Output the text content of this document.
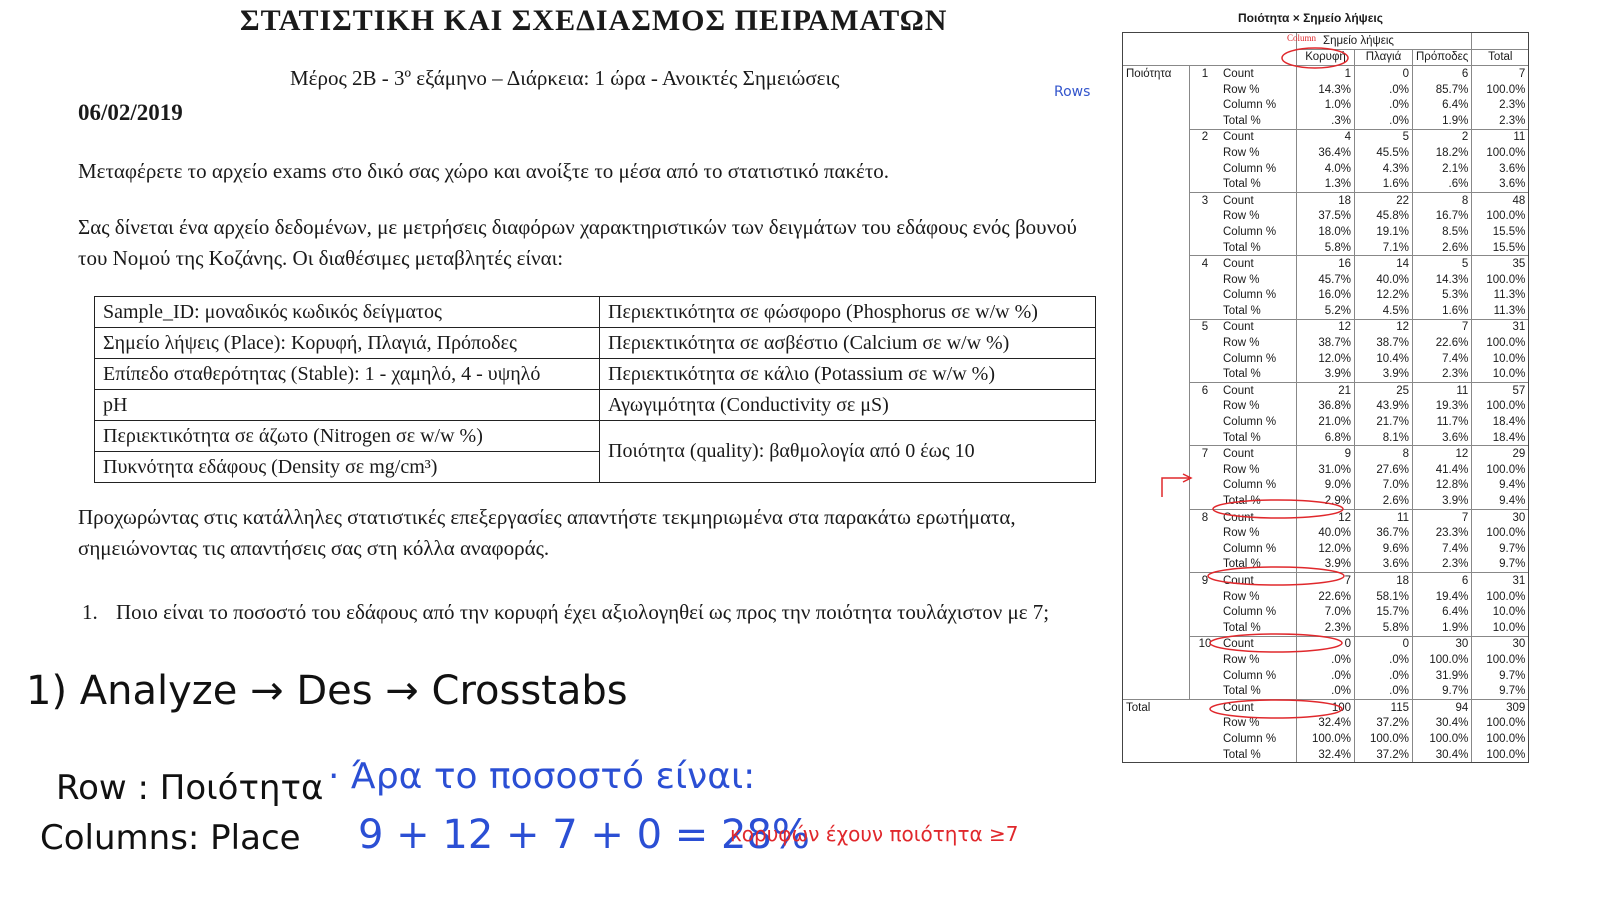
ΣΤΑΤΙΣΤΙΚΗ ΚΑΙ ΣΧΕΔΙΑΣΜΟΣ ΠΕΙΡΑΜΑΤΩΝ
Μέρος 2Β - 3º εξάμηνο – Διάρκεια: 1 ώρα - Ανοικτές Σημειώσεις
06/02/2019
Μεταφέρετε το αρχείο exams στο δικό σας χώρο και ανοίξτε το μέσα από το στατιστικό πακέτο.
Σας δίνεται ένα αρχείο δεδομένων, με μετρήσεις διαφόρων χαρακτηριστικών των δειγμάτων του εδάφους ενός βουνού του Νομού της Κοζάνης. Οι διαθέσιμες μεταβλητές είναι:
Sample_ID: μοναδικός κωδικός δείγματος	Περιεκτικότητα σε φώσφορο (Phosphorus σε w/w %)
Σημείο λήψεις (Place): Κορυφή, Πλαγιά, Πρόποδες	Περιεκτικότητα σε ασβέστιο (Calcium σε w/w %)
Επίπεδο σταθερότητας (Stable): 1 - χαμηλό, 4 - υψηλό	Περιεκτικότητα σε κάλιο (Potassium σε w/w %)
pH	Αγωγιμότητα (Conductivity σε μS)
Περιεκτικότητα σε άζωτο (Nitrogen σε w/w %)	Ποιότητα (quality): βαθμολογία από 0 έως 10
Πυκνότητα εδάφους (Density σε mg/cm³)	
Προχωρώντας στις κατάλληλες στατιστικές επεξεργασίες απαντήστε τεκμηριωμένα στα παρακάτω ερωτήματα, σημειώνοντας τις απαντήσεις σας στη κόλλα αναφοράς.
1. Ποιο είναι το ποσοστό του εδάφους από την κορυφή έχει αξιολογηθεί ως προς την ποιότητα τουλάχιστον με 7;
1) Analyze → Des → Crosstabs
Row : Ποιότητα
Columns: Place
· Άρα το ποσοστό είναι:
9 + 12 + 7 + 0 = 28%
κορυφών έχουν ποιότητα ≥7
Rows
Ποιότητα × Σημείο λήψεις
			Σημείο λήψεις			
			Κορυφή	Πλαγιά	Πρόποδες	Total
Ποιότητα	1	Count	1	0	6	7
		Row %	14.3%	.0%	85.7%	100.0%
		Column %	1.0%	.0%	6.4%	2.3%
		Total %	.3%	.0%	1.9%	2.3%
	2	Count	4	5	2	11
		Row %	36.4%	45.5%	18.2%	100.0%
		Column %	4.0%	4.3%	2.1%	3.6%
		Total %	1.3%	1.6%	.6%	3.6%
	3	Count	18	22	8	48
		Row %	37.5%	45.8%	16.7%	100.0%
		Column %	18.0%	19.1%	8.5%	15.5%
		Total %	5.8%	7.1%	2.6%	15.5%
	4	Count	16	14	5	35
		Row %	45.7%	40.0%	14.3%	100.0%
		Column %	16.0%	12.2%	5.3%	11.3%
		Total %	5.2%	4.5%	1.6%	11.3%
	5	Count	12	12	7	31
		Row %	38.7%	38.7%	22.6%	100.0%
		Column %	12.0%	10.4%	7.4%	10.0%
		Total %	3.9%	3.9%	2.3%	10.0%
	6	Count	21	25	11	57
		Row %	36.8%	43.9%	19.3%	100.0%
		Column %	21.0%	21.7%	11.7%	18.4%
		Total %	6.8%	8.1%	3.6%	18.4%
	7	Count	9	8	12	29
		Row %	31.0%	27.6%	41.4%	100.0%
		Column %	9.0%	7.0%	12.8%	9.4%
		Total %	2.9%	2.6%	3.9%	9.4%
	8	Count	12	11	7	30
		Row %	40.0%	36.7%	23.3%	100.0%
		Column %	12.0%	9.6%	7.4%	9.7%
		Total %	3.9%	3.6%	2.3%	9.7%
	9	Count	7	18	6	31
		Row %	22.6%	58.1%	19.4%	100.0%
		Column %	7.0%	15.7%	6.4%	10.0%
		Total %	2.3%	5.8%	1.9%	10.0%
	10	Count	0	0	30	30
		Row %	.0%	.0%	100.0%	100.0%
		Column %	.0%	.0%	31.9%	9.7%
		Total %	.0%	.0%	9.7%	9.7%
Total		Count	100	115	94	309
		Row %	32.4%	37.2%	30.4%	100.0%
		Column %	100.0%	100.0%	100.0%	100.0%
		Total %	32.4%	37.2%	30.4%	100.0%
Column
